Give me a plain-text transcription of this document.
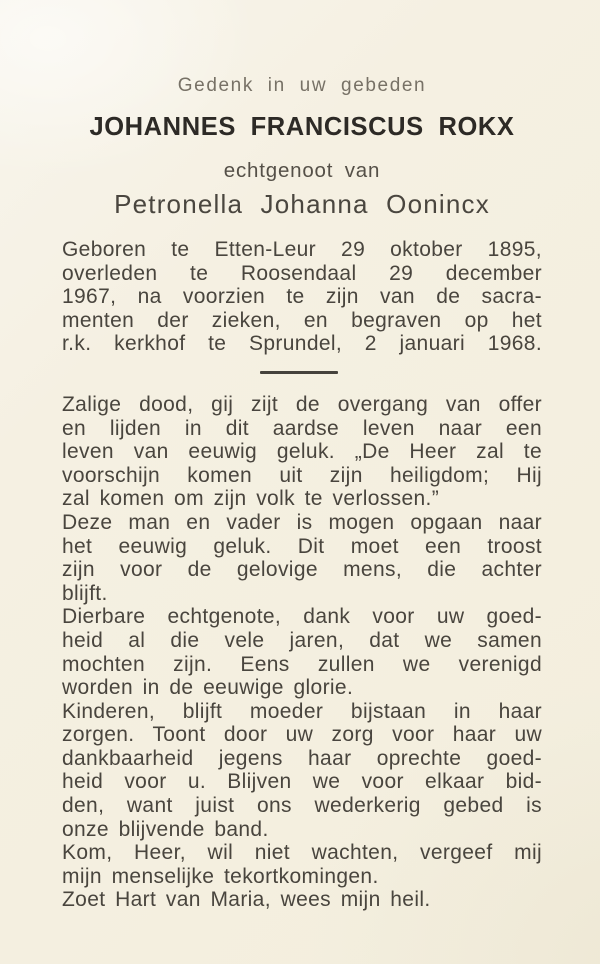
Gedenk in uw gebeden
JOHANNES FRANCISCUS ROKX
echtgenoot van
Petronella Johanna Oonincx
Geboren te Etten-Leur 29 oktober 1895,
overleden te Roosendaal 29 december
1967, na voorzien te zijn van de sacra-
menten der zieken, en begraven op het
r.k. kerkhof te Sprundel, 2 januari 1968.
Zalige dood, gij zijt de overgang van offer
en lijden in dit aardse leven naar een
leven van eeuwig geluk. „De Heer zal te
voorschijn komen uit zijn heiligdom; Hij
zal komen om zijn volk te verlossen.”
Deze man en vader is mogen opgaan naar
het eeuwig geluk. Dit moet een troost
zijn voor de gelovige mens, die achter
blijft.
Dierbare echtgenote, dank voor uw goed-
heid al die vele jaren, dat we samen
mochten zijn. Eens zullen we verenigd
worden in de eeuwige glorie.
Kinderen, blijft moeder bijstaan in haar
zorgen. Toont door uw zorg voor haar uw
dankbaarheid jegens haar oprechte goed-
heid voor u. Blijven we voor elkaar bid-
den, want juist ons wederkerig gebed is
onze blijvende band.
Kom, Heer, wil niet wachten, vergeef mij
mijn menselijke tekortkomingen.
Zoet Hart van Maria, wees mijn heil.
